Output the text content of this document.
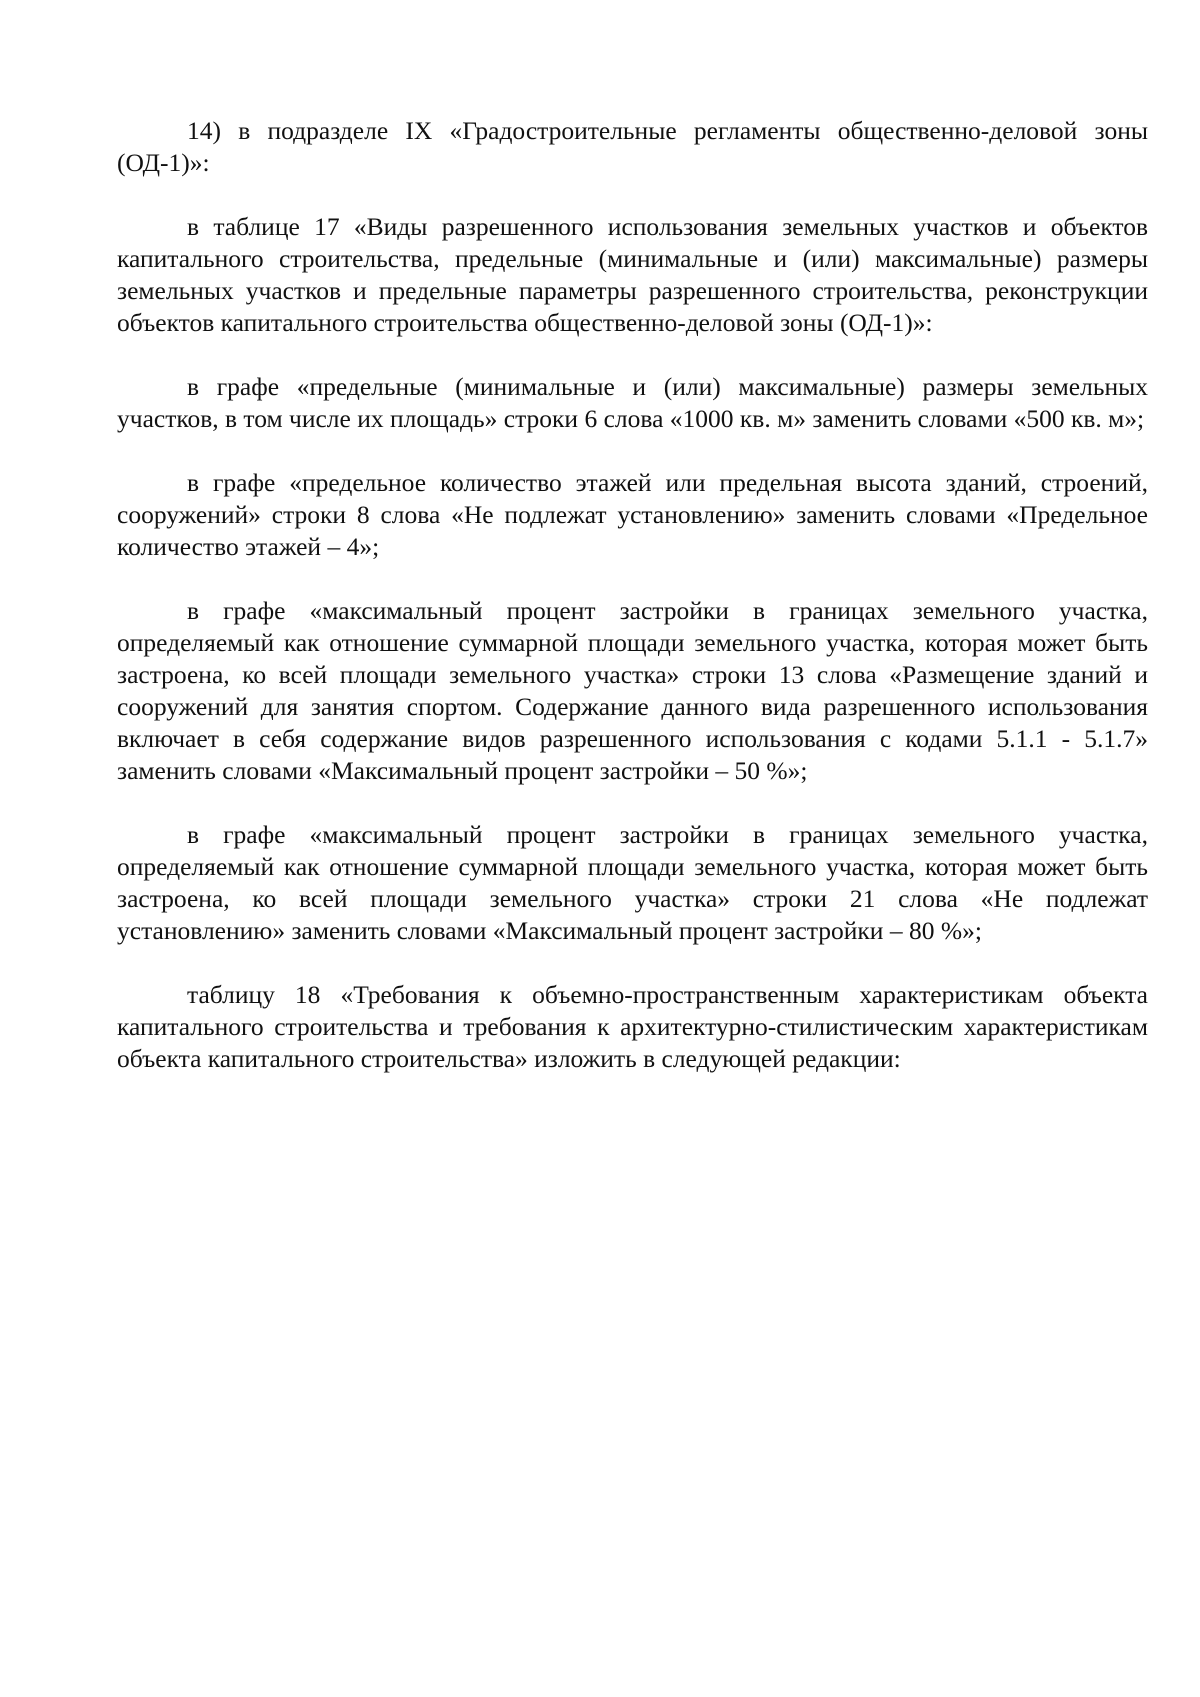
14) в подразделе IX «Градостроительные регламенты общественно-деловой зоны (ОД-1)»:

в таблице 17 «Виды разрешенного использования земельных участков и объектов капитального строительства, предельные (минимальные и (или) максимальные) размеры земельных участков и предельные параметры разрешенного строительства, реконструкции объектов капитального строительства общественно-деловой зоны (ОД-1)»:

в графе «предельные (минимальные и (или) максимальные) размеры земельных участков, в том числе их площадь» строки 6 слова «1000 кв. м» заменить словами «500 кв. м»;

в графе «предельное количество этажей или предельная высота зданий, строений, сооружений» строки 8 слова «Не подлежат установлению» заменить словами «Предельное количество этажей – 4»;

в графе «максимальный процент застройки в границах земельного участка, определяемый как отношение суммарной площади земельного участка, которая может быть застроена, ко всей площади земельного участка» строки 13 слова «Размещение зданий и сооружений для занятия спортом. Содержание данного вида разрешенного использования включает в себя содержание видов разрешенного использования с кодами 5.1.1 - 5.1.7» заменить словами «Максимальный процент застройки – 50 %»;

в графе «максимальный процент застройки в границах земельного участка, определяемый как отношение суммарной площади земельного участка, которая может быть застроена, ко всей площади земельного участка» строки 21 слова «Не подлежат установлению» заменить словами «Максимальный процент застройки – 80 %»;

таблицу 18 «Требования к объемно-пространственным характеристикам объекта капитального строительства и требования к архитектурно-стилистическим характеристикам объекта капитального строительства» изложить в следующей редакции:
